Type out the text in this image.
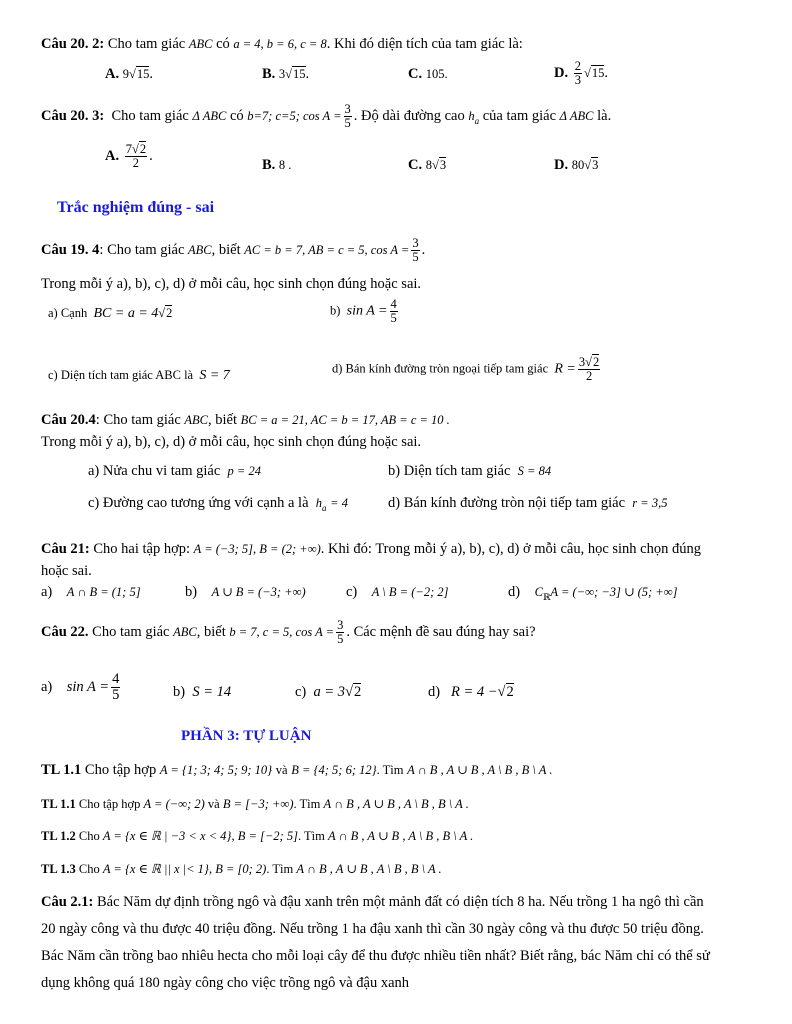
Câu 20. 2: Cho tam giác ABC có a = 4, b = 6, c = 8. Khi đó diện tích của tam giác là:
A. 9√15.	B. 3√15.	C. 105.	D. $\frac{2}{3} √15$.
Câu 20. 3: Cho tam giác Δ ABC có b=7; c=5; $\cos A = \frac{3}{5}$ . Độ dài đường cao $h_a$ của tam giác Δ ABC là.
A. $\frac{7√2}{2}$ .
B. 8 .	C. 8√3	D. 80√3
Trắc nghiệm đúng - sai
Câu 19. 4: Cho tam giác ABC, biết AC = b = 7, AB = c = 5, $\cos A = \frac{3}{5}$ .
Trong mỗi ý a), b), c), d) ở mỗi câu, học sinh chọn đúng hoặc sai.
a) Cạnh BC = a = 4√2	b) $\sin A = \frac{4}{5}$
c) Diện tích tam giác ABC là S = 7	d) Bán kính đường tròn ngoại tiếp tam giác $R = \frac{3√2}{2}$
Câu 20.4: Cho tam giác ABC, biết BC = a = 21, AC = b = 17, AB = c = 10 .
Trong mỗi ý a), b), c), d) ở mỗi câu, học sinh chọn đúng hoặc sai.
a) Nửa chu vi tam giác p = 24	b) Diện tích tam giác S = 84
c) Đường cao tương ứng với cạnh a là $h_a = 4$	d) Bán kính đường tròn nội tiếp tam giác r = 3,5
Câu 21: Cho hai tập hợp: A = (−3; 5], B = (2; +∞). Khi đó: Trong mỗi ý a), b), c), d) ở mỗi câu, học sinh chọn đúng
hoặc sai.
a) A ∩ B = (1; 5]	b) A ∪ B = (−3; +∞)	c) A \ B = (−2; 2]	d) $C_ℝA$ = (−∞; −3] ∪ (5; +∞]
Câu 22. Cho tam giác ABC, biết b = 7, c = 5, $\cos A = \frac{3}{5}$ . Các mệnh đề sau đúng hay sai?
a) $\sin A = \frac{4}{5}$	b) S = 14	c) a = 3√2	d) R = 4 −√2
PHẦN 3: TỰ LUẬN
TL 1.1 Cho tập hợp A = {1; 3; 4; 5; 9; 10} và B = {4; 5; 6; 12}. Tìm A ∩ B , A ∪ B , A \ B , B \ A .
TL 1.1 Cho tập hợp A = (−∞; 2) và B = [−3; +∞). Tìm A ∩ B , A ∪ B , A \ B , B \ A .
TL 1.2 Cho A = {x ∈ ℝ | −3 < x < 4}, B = [−2; 5]. Tìm A ∩ B , A ∪ B , A \ B , B \ A .
TL 1.3 Cho A = {x ∈ ℝ || x |< 1}, B = [0; 2). Tìm A ∩ B , A ∪ B , A \ B , B \ A .
Câu 2.1: Bác Năm dự định trồng ngô và đậu xanh trên một mảnh đất có diện tích 8 ha. Nếu trồng 1 ha ngô thì cần
20 ngày công và thu được 40 triệu đồng. Nếu trồng 1 ha đậu xanh thì cần 30 ngày công và thu được 50 triệu đồng.
Bác Năm cần trồng bao nhiêu hecta cho mỗi loại cây để thu được nhiều tiền nhất? Biết rằng, bác Năm chỉ có thể sử
dụng không quá 180 ngày công cho việc trồng ngô và đậu xanh
